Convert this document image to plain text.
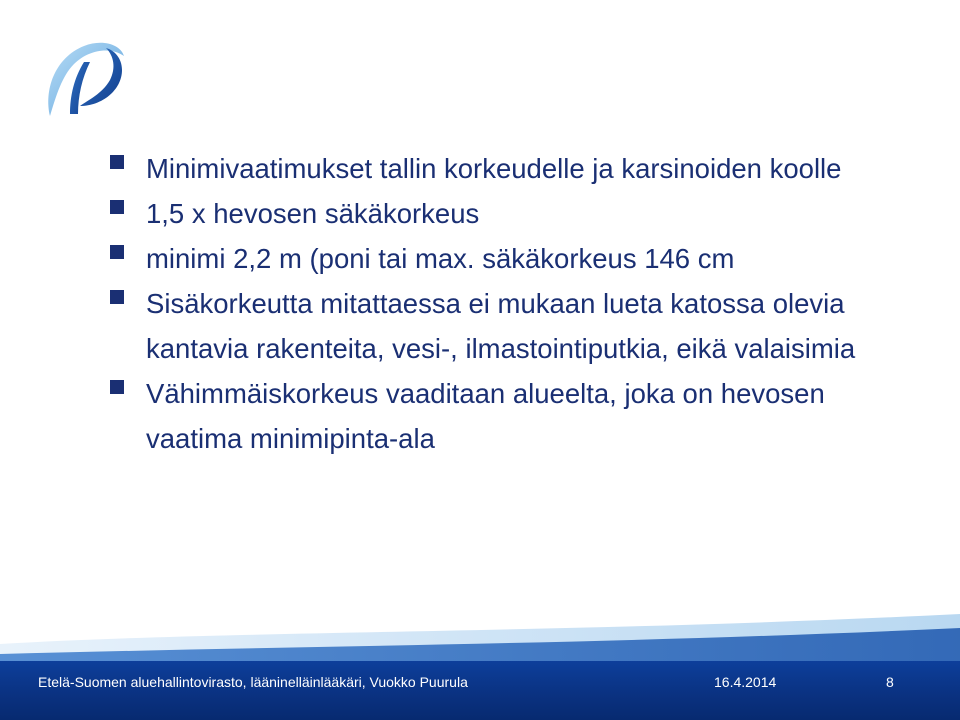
Minimivaatimukset tallin korkeudelle ja karsinoiden koolle
1,5 x hevosen säkäkorkeus
minimi 2,2 m (poni tai max. säkäkorkeus 146 cm
Sisäkorkeutta mitattaessa ei mukaan lueta katossa olevia kantavia rakenteita, vesi-, ilmastointiputkia, eikä valaisimia
Vähimmäiskorkeus vaaditaan alueelta, joka on hevosen vaatima minimipinta-ala
Etelä-Suomen aluehallintovirasto, lääninelläinlääkäri, Vuokko Puurula	16.4.2014	8
